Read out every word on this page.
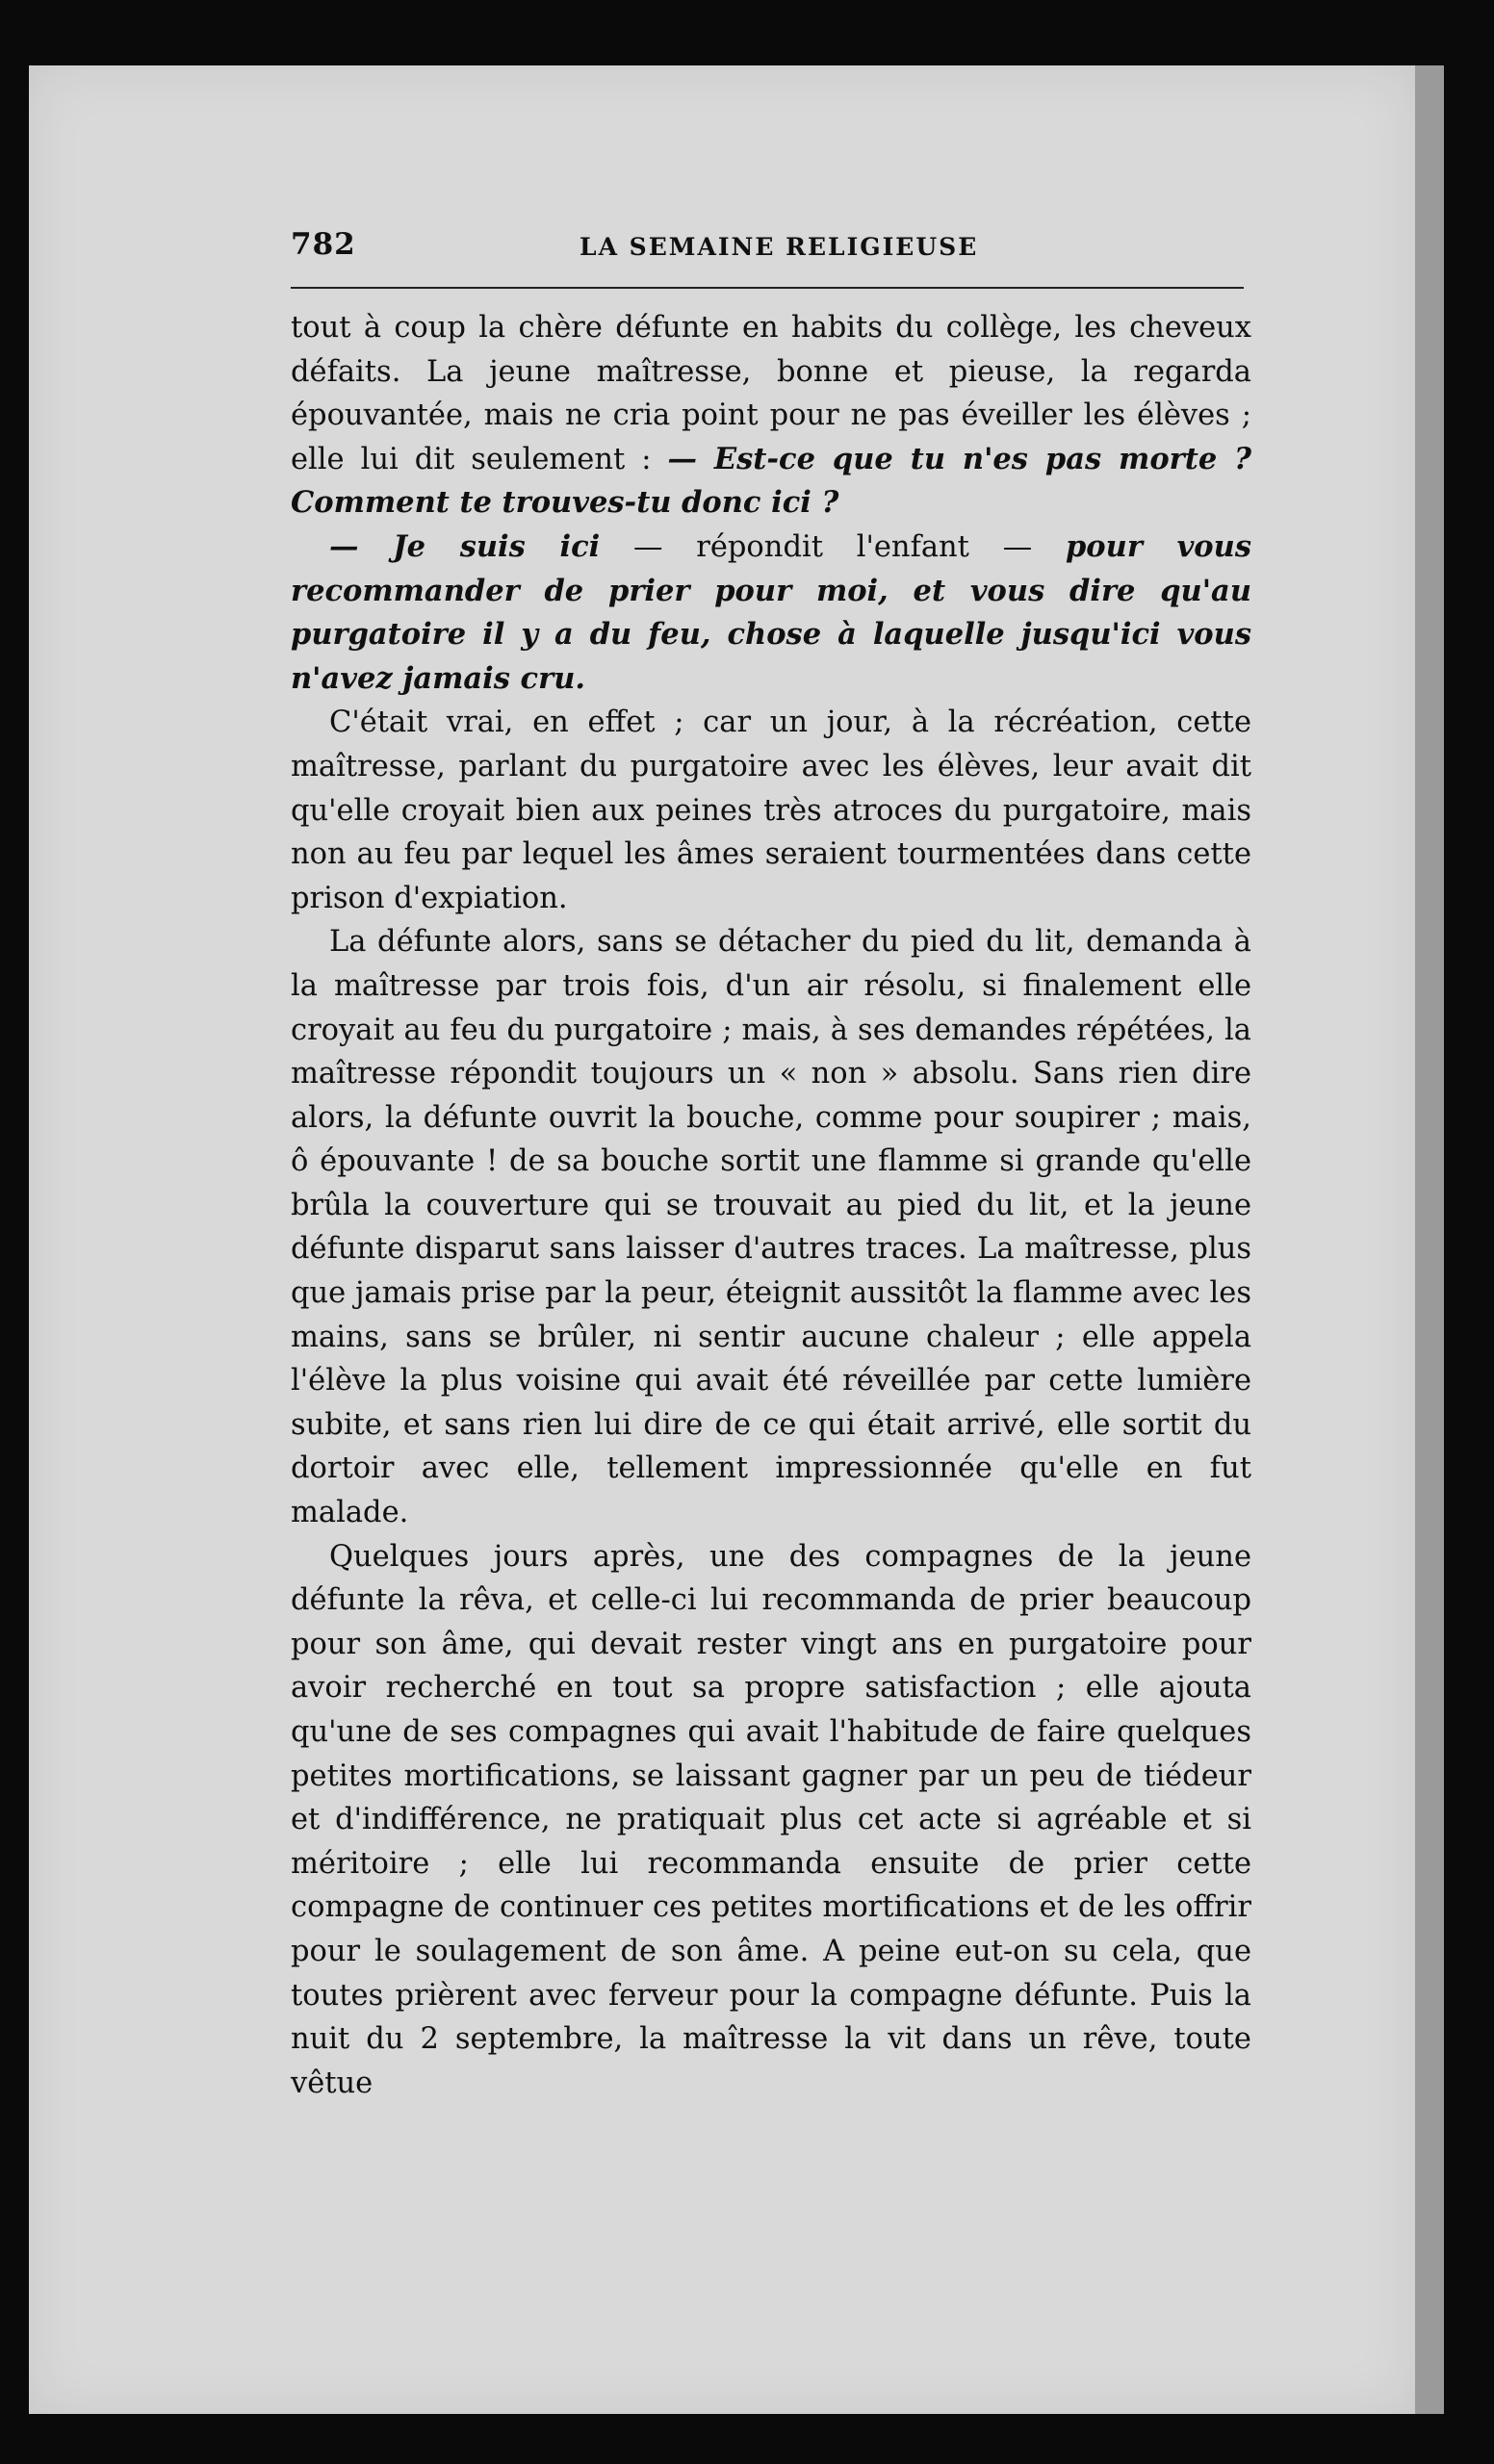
782	LA SEMAINE RELIGIEUSE

tout à coup la chère défunte en habits du collège, les cheveux défaits. La jeune maîtresse, bonne et pieuse, la regarda épouvantée, mais ne cria point pour ne pas éveiller les élèves ; elle lui dit seulement : — Est-ce que tu n'es pas morte ? Comment te trouves-tu donc ici ?

— Je suis ici — répondit l'enfant — pour vous recommander de prier pour moi, et vous dire qu'au purgatoire il y a du feu, chose à laquelle jusqu'ici vous n'avez jamais cru.

C'était vrai, en effet ; car un jour, à la récréation, cette maîtresse, parlant du purgatoire avec les élèves, leur avait dit qu'elle croyait bien aux peines très atroces du purgatoire, mais non au feu par lequel les âmes seraient tourmentées dans cette prison d'expiation.

La défunte alors, sans se détacher du pied du lit, demanda à la maîtresse par trois fois, d'un air résolu, si finalement elle croyait au feu du purgatoire ; mais, à ses demandes répétées, la maîtresse répondit toujours un « non » absolu. Sans rien dire alors, la défunte ouvrit la bouche, comme pour soupirer ; mais, ô épouvante ! de sa bouche sortit une flamme si grande qu'elle brûla la couverture qui se trouvait au pied du lit, et la jeune défunte disparut sans laisser d'autres traces. La maîtresse, plus que jamais prise par la peur, éteignit aussitôt la flamme avec les mains, sans se brûler, ni sentir aucune chaleur ; elle appela l'élève la plus voisine qui avait été réveillée par cette lumière subite, et sans rien lui dire de ce qui était arrivé, elle sortit du dortoir avec elle, tellement impressionnée qu'elle en fut malade.

Quelques jours après, une des compagnes de la jeune défunte la rêva, et celle-ci lui recommanda de prier beaucoup pour son âme, qui devait rester vingt ans en purgatoire pour avoir recherché en tout sa propre satisfaction ; elle ajouta qu'une de ses compagnes qui avait l'habitude de faire quelques petites mortifications, se laissant gagner par un peu de tiédeur et d'indifférence, ne pratiquait plus cet acte si agréable et si méritoire ; elle lui recommanda ensuite de prier cette compagne de continuer ces petites mortifications et de les offrir pour le soulagement de son âme. A peine eut-on su cela, que toutes prièrent avec ferveur pour la compagne défunte. Puis la nuit du 2 septembre, la maîtresse la vit dans un rêve, toute vêtue
